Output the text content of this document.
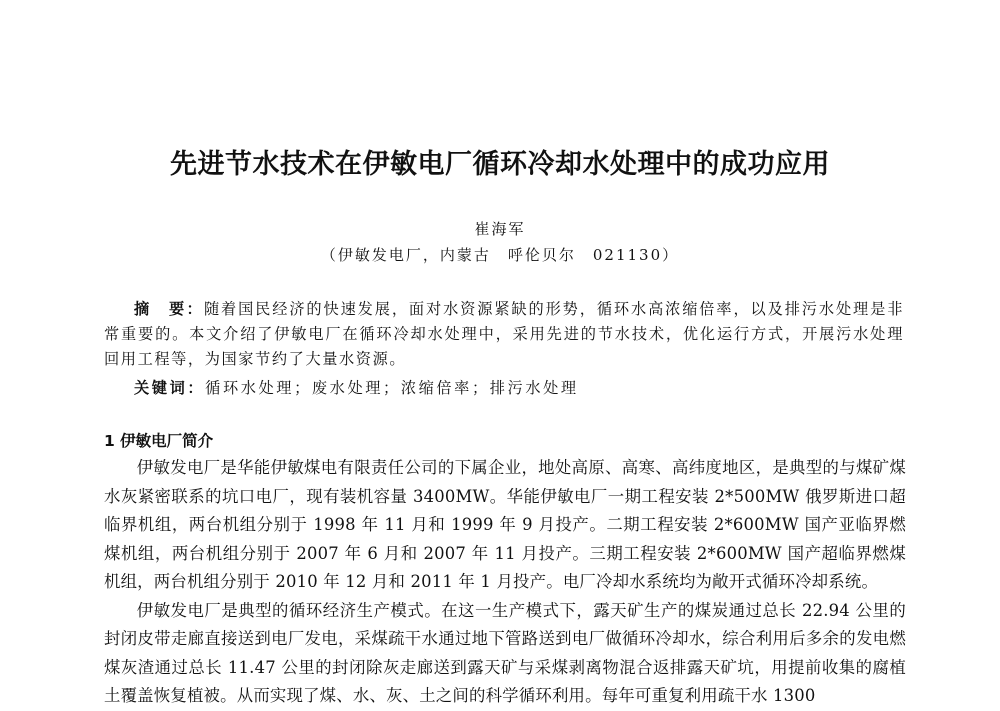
先进节水技术在伊敏电厂循环冷却水处理中的成功应用
崔海军
（伊敏发电厂，内蒙古　呼伦贝尔　021130）

摘　要：随着国民经济的快速发展，面对水资源紧缺的形势，循环水高浓缩倍率，以及排污水处理是非常重要的。本文介绍了伊敏电厂在循环冷却水处理中，采用先进的节水技术，优化运行方式，开展污水处理回用工程等，为国家节约了大量水资源。

关键词：循环水处理；废水处理；浓缩倍率；排污水处理
1 伊敏电厂简介

伊敏发电厂是华能伊敏煤电有限责任公司的下属企业，地处高原、高寒、高纬度地区，是典型的与煤矿煤水灰紧密联系的坑口电厂，现有装机容量 3400MW。华能伊敏电厂一期工程安装 2*500MW 俄罗斯进口超临界机组，两台机组分别于 1998 年 11 月和 1999 年 9 月投产。二期工程安装 2*600MW 国产亚临界燃煤机组，两台机组分别于 2007 年 6 月和 2007 年 11 月投产。三期工程安装 2*600MW 国产超临界燃煤机组，两台机组分别于 2010 年 12 月和 2011 年 1 月投产。电厂冷却水系统均为敞开式循环冷却系统。

伊敏发电厂是典型的循环经济生产模式。在这一生产模式下，露天矿生产的煤炭通过总长 22.94 公里的封闭皮带走廊直接送到电厂发电，采煤疏干水通过地下管路送到电厂做循环冷却水，综合利用后多余的发电燃煤灰渣通过总长 11.47 公里的封闭除灰走廊送到露天矿与采煤剥离物混合返排露天矿坑，用提前收集的腐植土覆盖恢复植被。从而实现了煤、水、灰、土之间的科学循环利用。每年可重复利用疏干水 1300
